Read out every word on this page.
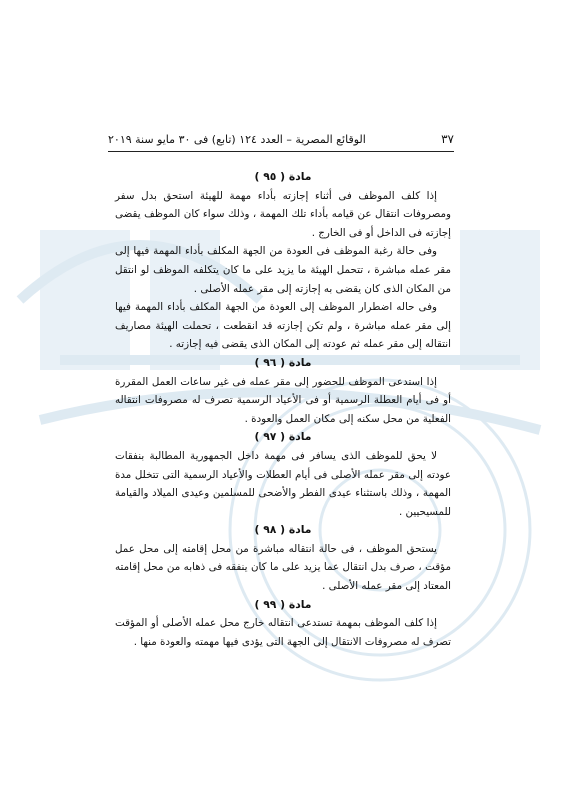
٣٧
الوقائع المصرية – العدد ١٢٤ (تابع) فى ٣٠ مايو سنة ٢٠١٩

مادة ( ٩٥ )

إذا كلف الموظف فى أثناء إجازته بأداء مهمة للهيئة استحق بدل سفر ومصروفات انتقال عن قيامه بأداء تلك المهمة ، وذلك سواء كان الموظف يقضى إجازته فى الداخل أو فى الخارج .

وفى حالة رغبة الموظف فى العودة من الجهة المكلف بأداء المهمة فيها إلى مقر عمله مباشرة ، تتحمل الهيئة ما يزيد على ما كان يتكلفه الموظف لو انتقل من المكان الذى كان يقضى به إجازته إلى مقر عمله الأصلى .

وفى حاله اضطرار الموظف إلى العودة من الجهة المكلف بأداء المهمة فيها إلى مقر عمله مباشرة ، ولم تكن إجازته قد انقطعت ، تحملت الهيئة مصاريف انتقاله إلى مقر عمله ثم عودته إلى المكان الذى يقضى فيه إجازته .

مادة ( ٩٦ )

إذا استدعى الموظف للحضور إلى مقر عمله فى غير ساعات العمل المقررة أو فى أيام العطلة الرسمية أو فى الأعياد الرسمية تصرف له مصروفات انتقاله الفعلية من محل سكنه إلى مكان العمل والعودة .

مادة ( ٩٧ )

لا يحق للموظف الذى يسافر فى مهمة داخل الجمهورية المطالبة بنفقات عودته إلى مقر عمله الأصلى فى أيام العطلات والأعياد الرسمية التى تتخلل مدة المهمة ، وذلك باستثناء عيدى الفطر والأضحى للمسلمين وعيدى الميلاد والقيامة للمسيحيين .

مادة ( ٩٨ )

يستحق الموظف ، فى حالة انتقاله مباشرة من محل إقامته إلى محل عمل مؤقت ، صرف بدل انتقال عما يزيد على ما كان ينفقه فى ذهابه من محل إقامته المعتاد إلى مقر عمله الأصلى .

مادة ( ٩٩ )

إذا كلف الموظف بمهمة تستدعى انتقاله خارج محل عمله الأصلى أو المؤقت تصرف له مصروفات الانتقال إلى الجهة التى يؤدى فيها مهمته والعودة منها .
